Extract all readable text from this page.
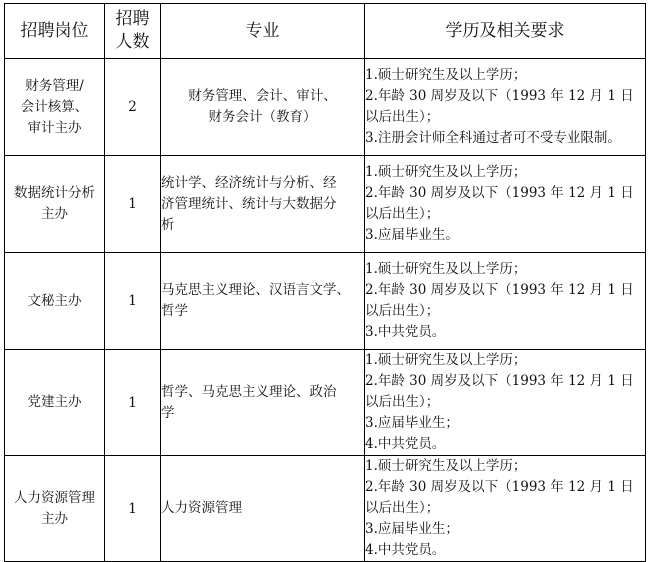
招聘岗位	招聘 人数	专业	学历及相关要求

财务管理/
会计核算、
审计主办	2	财务管理、会计、审计、
财务会计（教育）	1.硕士研究生及以上学历；
2.年龄 30 周岁及以下（1993 年 12 月 1 日
以后出生）；
3.注册会计师全科通过者可不受专业限制。

数据统计分析
主办	1	统计学、经济统计与分析、经
济管理统计、统计与大数据分
析	1.硕士研究生及以上学历；
2.年龄 30 周岁及以下（1993 年 12 月 1 日
以后出生）；
3.应届毕业生。

文秘主办	1	马克思主义理论、汉语言文学、
哲学	1.硕士研究生及以上学历；
2.年龄 30 周岁及以下（1993 年 12 月 1 日
以后出生）；
3.中共党员。

党建主办	1	哲学、马克思主义理论、政治
学	1.硕士研究生及以上学历；
2.年龄 30 周岁及以下（1993 年 12 月 1 日
以后出生）；
3.应届毕业生；
4.中共党员。

人力资源管理
主办	1	人力资源管理	1.硕士研究生及以上学历；
2.年龄 30 周岁及以下（1993 年 12 月 1 日
以后出生）；
3.应届毕业生；
4.中共党员。
